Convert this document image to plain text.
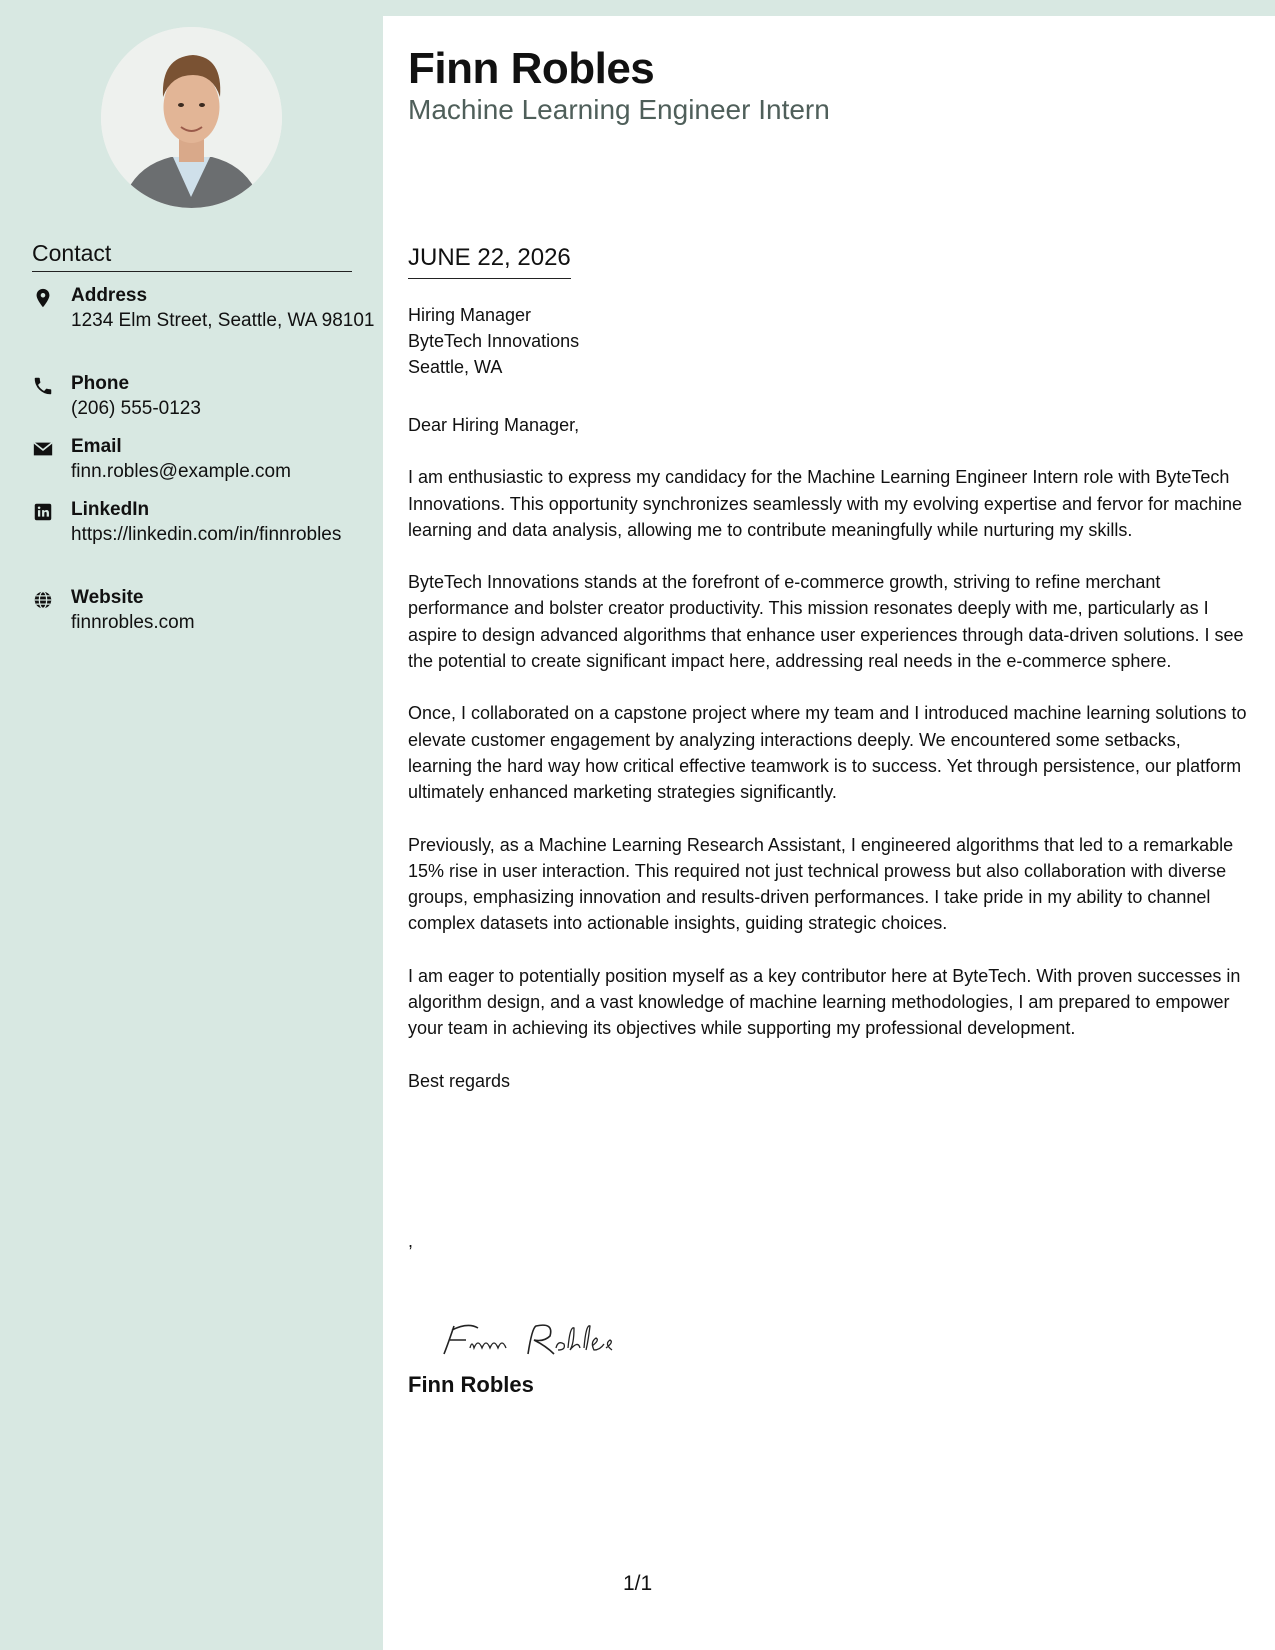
Contact
Address
1234 Elm Street, Seattle, WA 98101
Phone
(206) 555-0123
Email
finn.robles@example.com
LinkedIn
https://linkedin.com/in/finnrobles
Website
finnrobles.com
Finn Robles
Machine Learning Engineer Intern
JUNE 22, 2026
Hiring Manager
ByteTech Innovations
Seattle, WA

Dear Hiring Manager,

I am enthusiastic to express my candidacy for the Machine Learning Engineer Intern role with ByteTech Innovations. This opportunity synchronizes seamlessly with my evolving expertise and fervor for machine learning and data analysis, allowing me to contribute meaningfully while nurturing my skills.

ByteTech Innovations stands at the forefront of e-commerce growth, striving to refine merchant performance and bolster creator productivity. This mission resonates deeply with me, particularly as I aspire to design advanced algorithms that enhance user experiences through data-driven solutions. I see the potential to create significant impact here, addressing real needs in the e-commerce sphere.

Once, I collaborated on a capstone project where my team and I introduced machine learning solutions to elevate customer engagement by analyzing interactions deeply. We encountered some setbacks, learning the hard way how critical effective teamwork is to success. Yet through persistence, our platform ultimately enhanced marketing strategies significantly.

Previously, as a Machine Learning Research Assistant, I engineered algorithms that led to a remarkable 15% rise in user interaction. This required not just technical prowess but also collaboration with diverse groups, emphasizing innovation and results-driven performances. I take pride in my ability to channel complex datasets into actionable insights, guiding strategic choices.

I am eager to potentially position myself as a key contributor here at ByteTech. With proven successes in algorithm design, and a vast knowledge of machine learning methodologies, I am prepared to empower your team in achieving its objectives while supporting my professional development.

Best regards

,
Finn Robles
1/1
